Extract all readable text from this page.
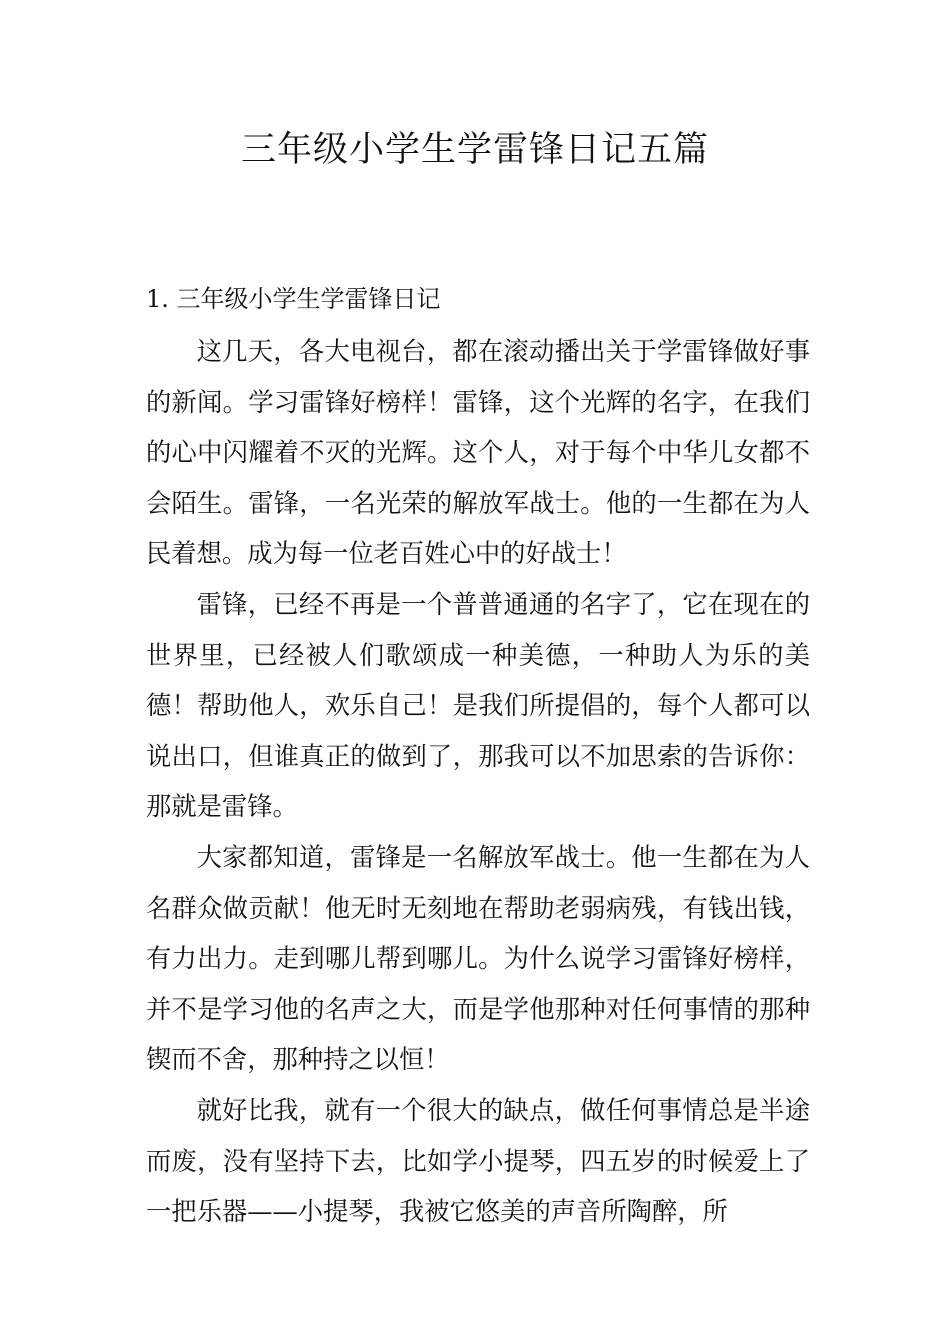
三年级小学生学雷锋日记五篇
1. 三年级小学生学雷锋日记

这几天，各大电视台，都在滚动播出关于学雷锋做好事的新闻。学习雷锋好榜样！雷锋，这个光辉的名字，在我们的心中闪耀着不灭的光辉。这个人，对于每个中华儿女都不会陌生。雷锋，一名光荣的解放军战士。他的一生都在为人民着想。成为每一位老百姓心中的好战士！

雷锋，已经不再是一个普普通通的名字了，它在现在的世界里，已经被人们歌颂成一种美德，一种助人为乐的美德！帮助他人，欢乐自己！是我们所提倡的，每个人都可以说出口，但谁真正的做到了，那我可以不加思索的告诉你：那就是雷锋。

大家都知道，雷锋是一名解放军战士。他一生都在为人名群众做贡献！他无时无刻地在帮助老弱病残，有钱出钱，有力出力。走到哪儿帮到哪儿。为什么说学习雷锋好榜样，并不是学习他的名声之大，而是学他那种对任何事情的那种锲而不舍，那种持之以恒！

就好比我，就有一个很大的缺点，做任何事情总是半途而废，没有坚持下去，比如学小提琴，四五岁的时候爱上了一把乐器——小提琴，我被它悠美的声音所陶醉，所
